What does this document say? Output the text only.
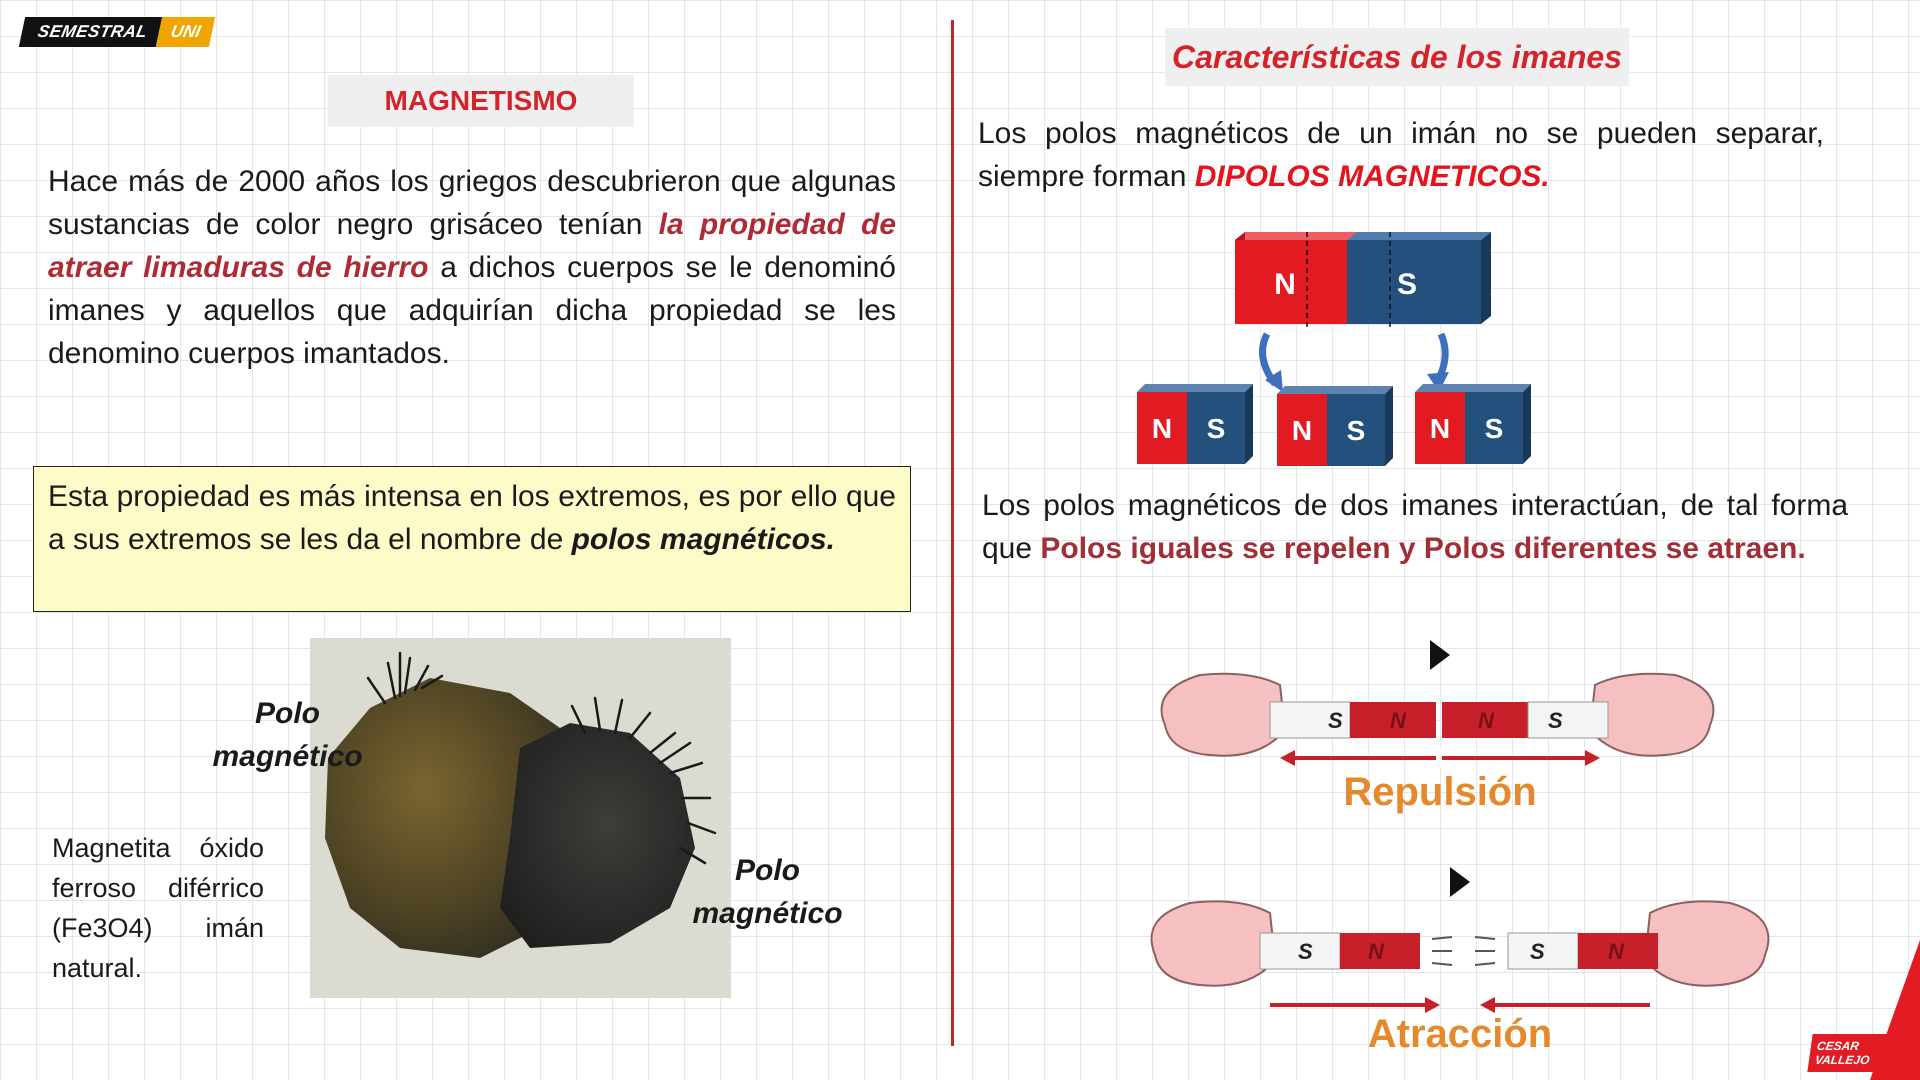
SEMESTRAL	UNI
MAGNETISMO
Hace más de 2000 años los griegos descubrieron que algunas sustancias de color negro grisáceo tenían la propiedad de atraer limaduras de hierro a dichos cuerpos se le denominó imanes y aquellos que adquirían dicha propiedad se les denomino cuerpos imantados.
Esta propiedad es más intensa en los extremos, es por ello que a sus extremos se les da el nombre de polos magnéticos.
Polo magnético
Polo magnético
Magnetita óxido ferroso diférrico (Fe3O4) imán natural.
Características de los imanes
Los polos magnéticos de un imán no se pueden separar, siempre forman DIPOLOS MAGNETICOS.
N	S
N S N S N S
Los polos magnéticos de dos imanes interactúan, de tal forma que Polos iguales se repelen y Polos diferentes se atraen.
S N	N S
Repulsión
S	N	S	N
Atracción	CESAR
VALLEJO
